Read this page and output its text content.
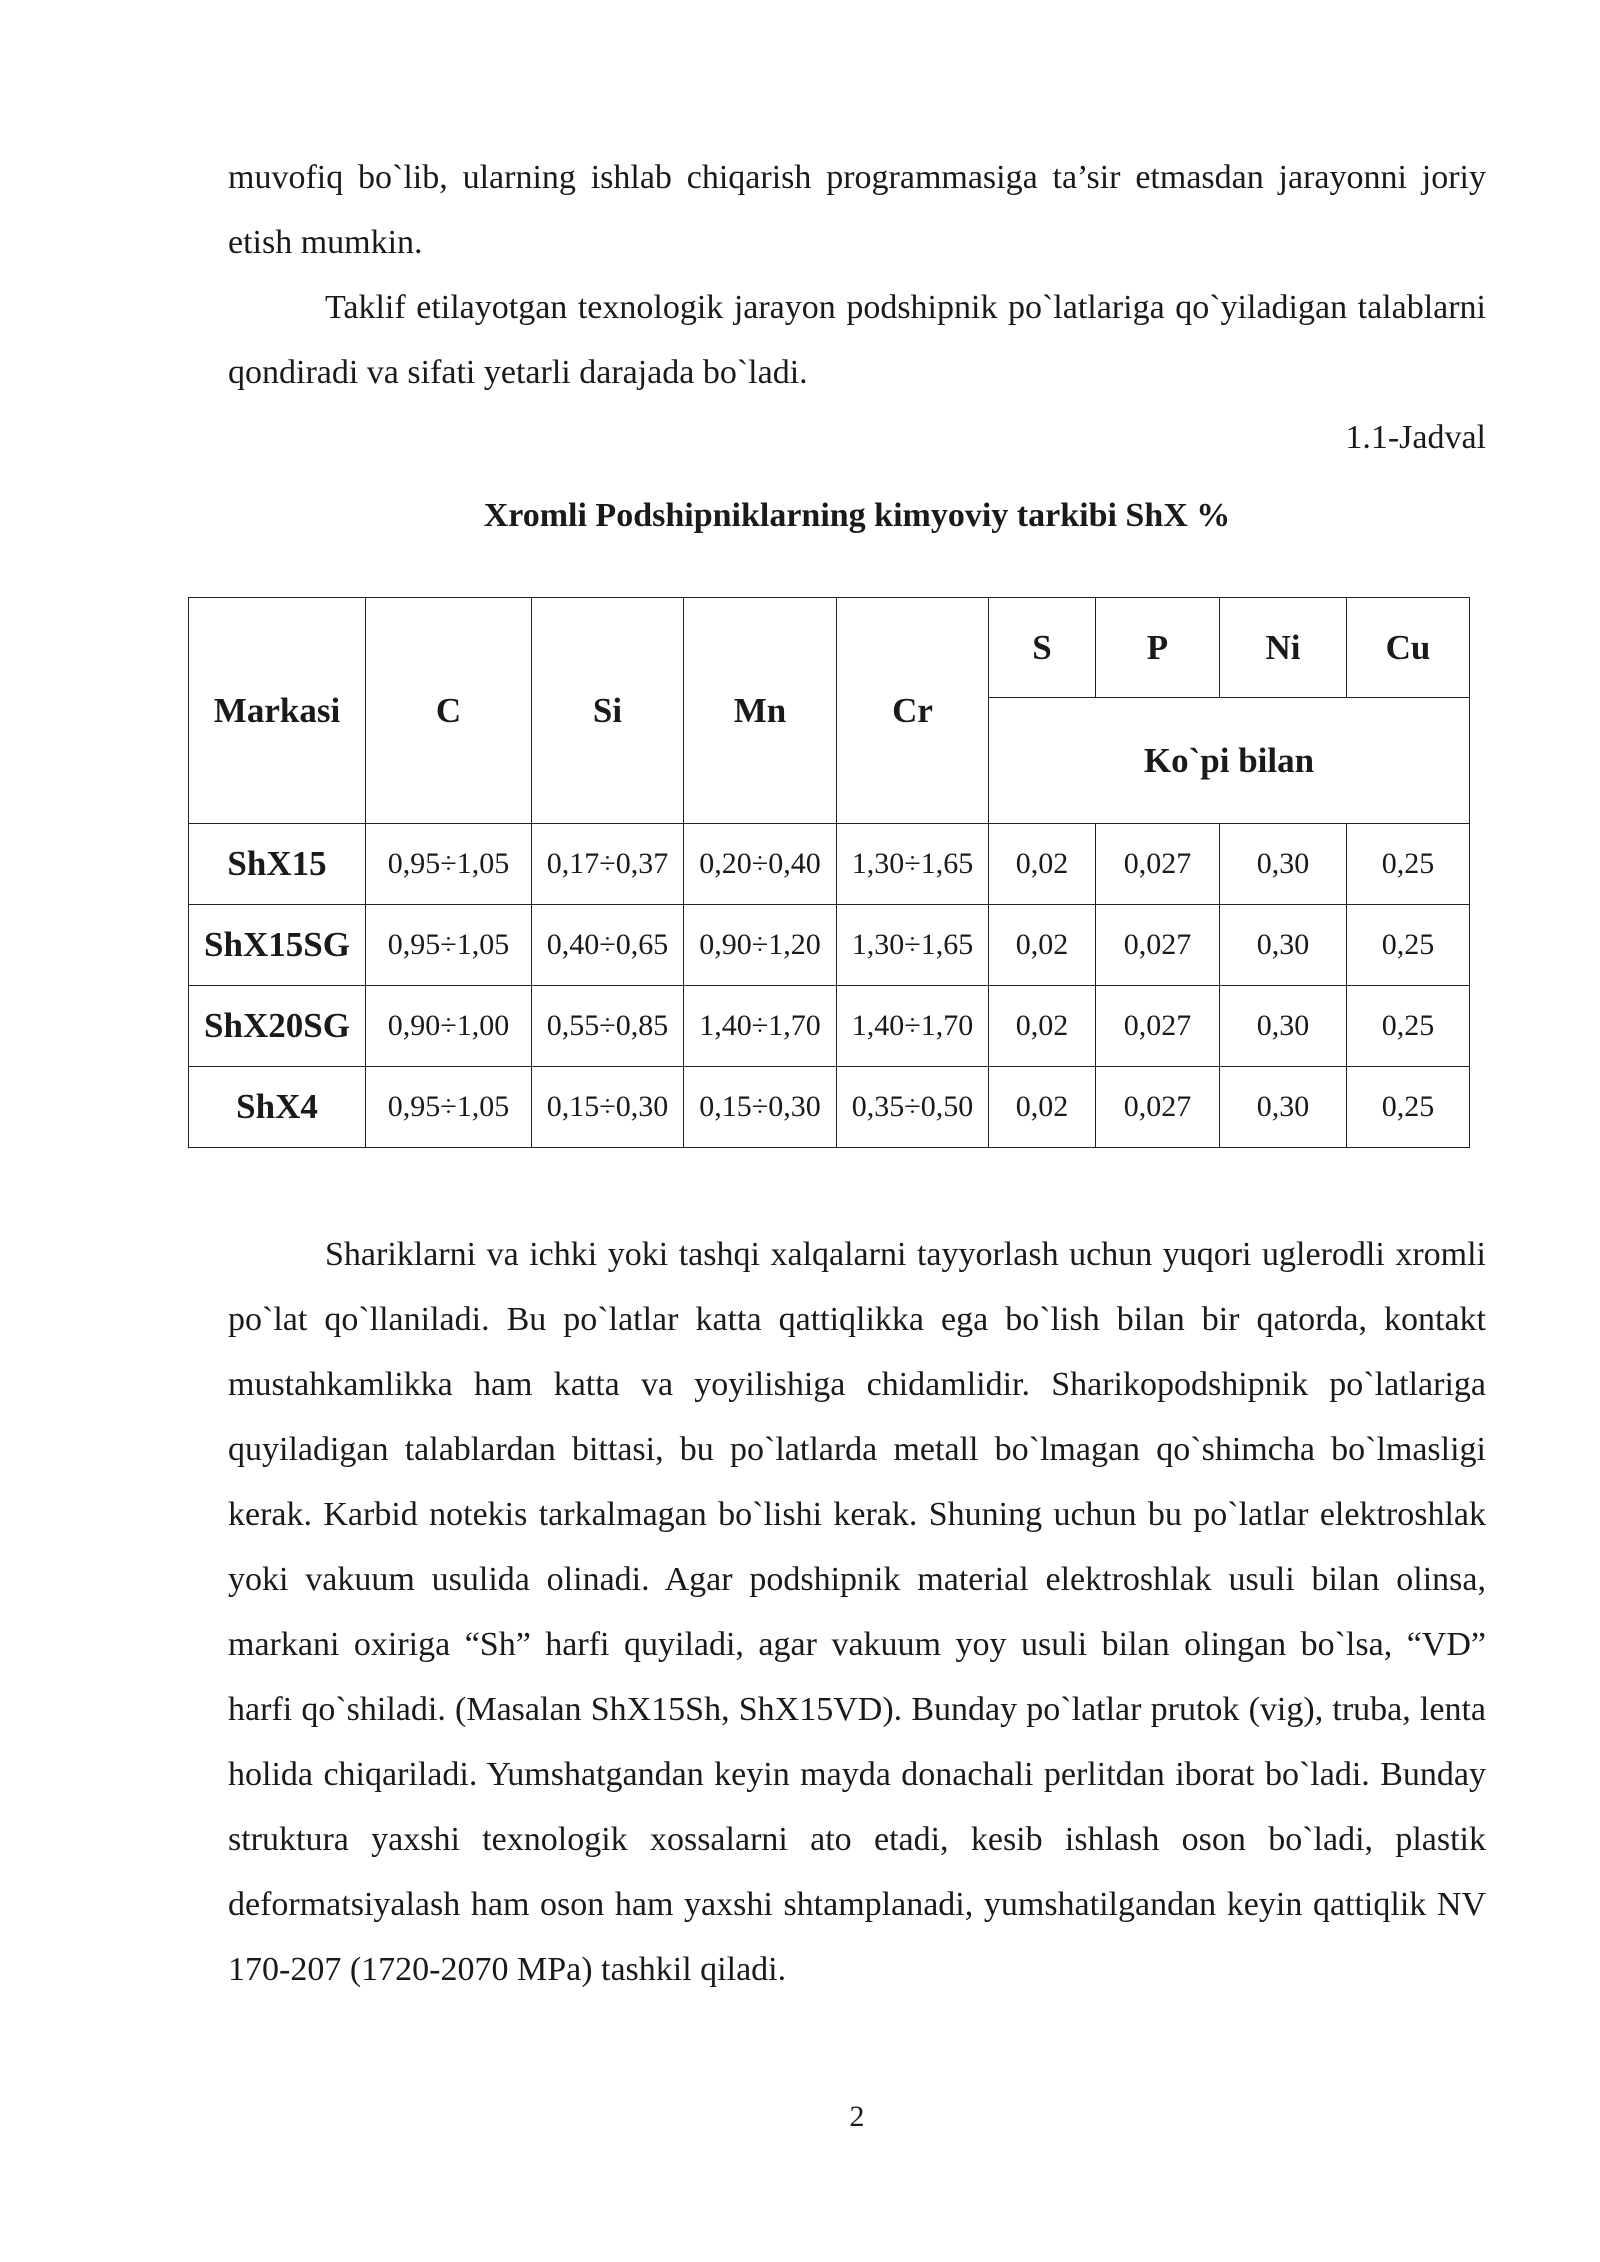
muvofiq bo`lib, ularning ishlab chiqarish programmasiga ta’sir etmasdan jarayonni joriy etish mumkin.

Taklif etilayotgan texnologik jarayon podshipnik po`latlariga qo`yiladigan talablarni qondiradi va sifati yetarli darajada bo`ladi.

1.1-Jadval

Xromli Podshipniklarning kimyoviy tarkibi ShX %

Shariklarni va ichki yoki tashqi xalqalarni tayyorlash uchun yuqori uglerodli xromli po`lat qo`llaniladi. Bu po`latlar katta qattiqlikka ega bo`lish bilan bir qatorda, kontakt mustahkamlikka ham katta va yoyilishiga chidamlidir. Sharikopodshipnik po`latlariga quyiladigan talablardan bittasi, bu po`latlarda metall bo`lmagan qo`shimcha bo`lmasligi kerak. Karbid notekis tarkalmagan bo`lishi kerak. Shuning uchun bu po`latlar elektroshlak yoki vakuum usulida olinadi. Agar podshipnik material elektroshlak usuli bilan olinsa, markani oxiriga “Sh” harfi quyiladi, agar vakuum yoy usuli bilan olingan bo`lsa, “VD” harfi qo`shiladi. (Masalan ShX15Sh, ShX15VD). Bunday po`latlar prutok (vig), truba, lenta holida chiqariladi. Yumshatgandan keyin mayda donachali perlitdan iborat bo`ladi. Bunday struktura yaxshi texnologik xossalarni ato etadi, kesib ishlash oson bo`ladi, plastik deformatsiyalash ham oson ham yaxshi shtamplanadi, yumshatilgandan keyin qattiqlik NV 170-207 (1720-2070 MPa) tashkil qiladi.

2

Markasi	C	Si	Mn	Cr	S	P	Ni	Cu
					Ko`pi bilan			
ShX15	0,95÷1,05	0,17÷0,37	0,20÷0,40	1,30÷1,65	0,02	0,027	0,30	0,25
ShX15SG	0,95÷1,05	0,40÷0,65	0,90÷1,20	1,30÷1,65	0,02	0,027	0,30	0,25
ShX20SG	0,90÷1,00	0,55÷0,85	1,40÷1,70	1,40÷1,70	0,02	0,027	0,30	0,25
ShX4	0,95÷1,05	0,15÷0,30	0,15÷0,30	0,35÷0,50	0,02	0,027	0,30	0,25
